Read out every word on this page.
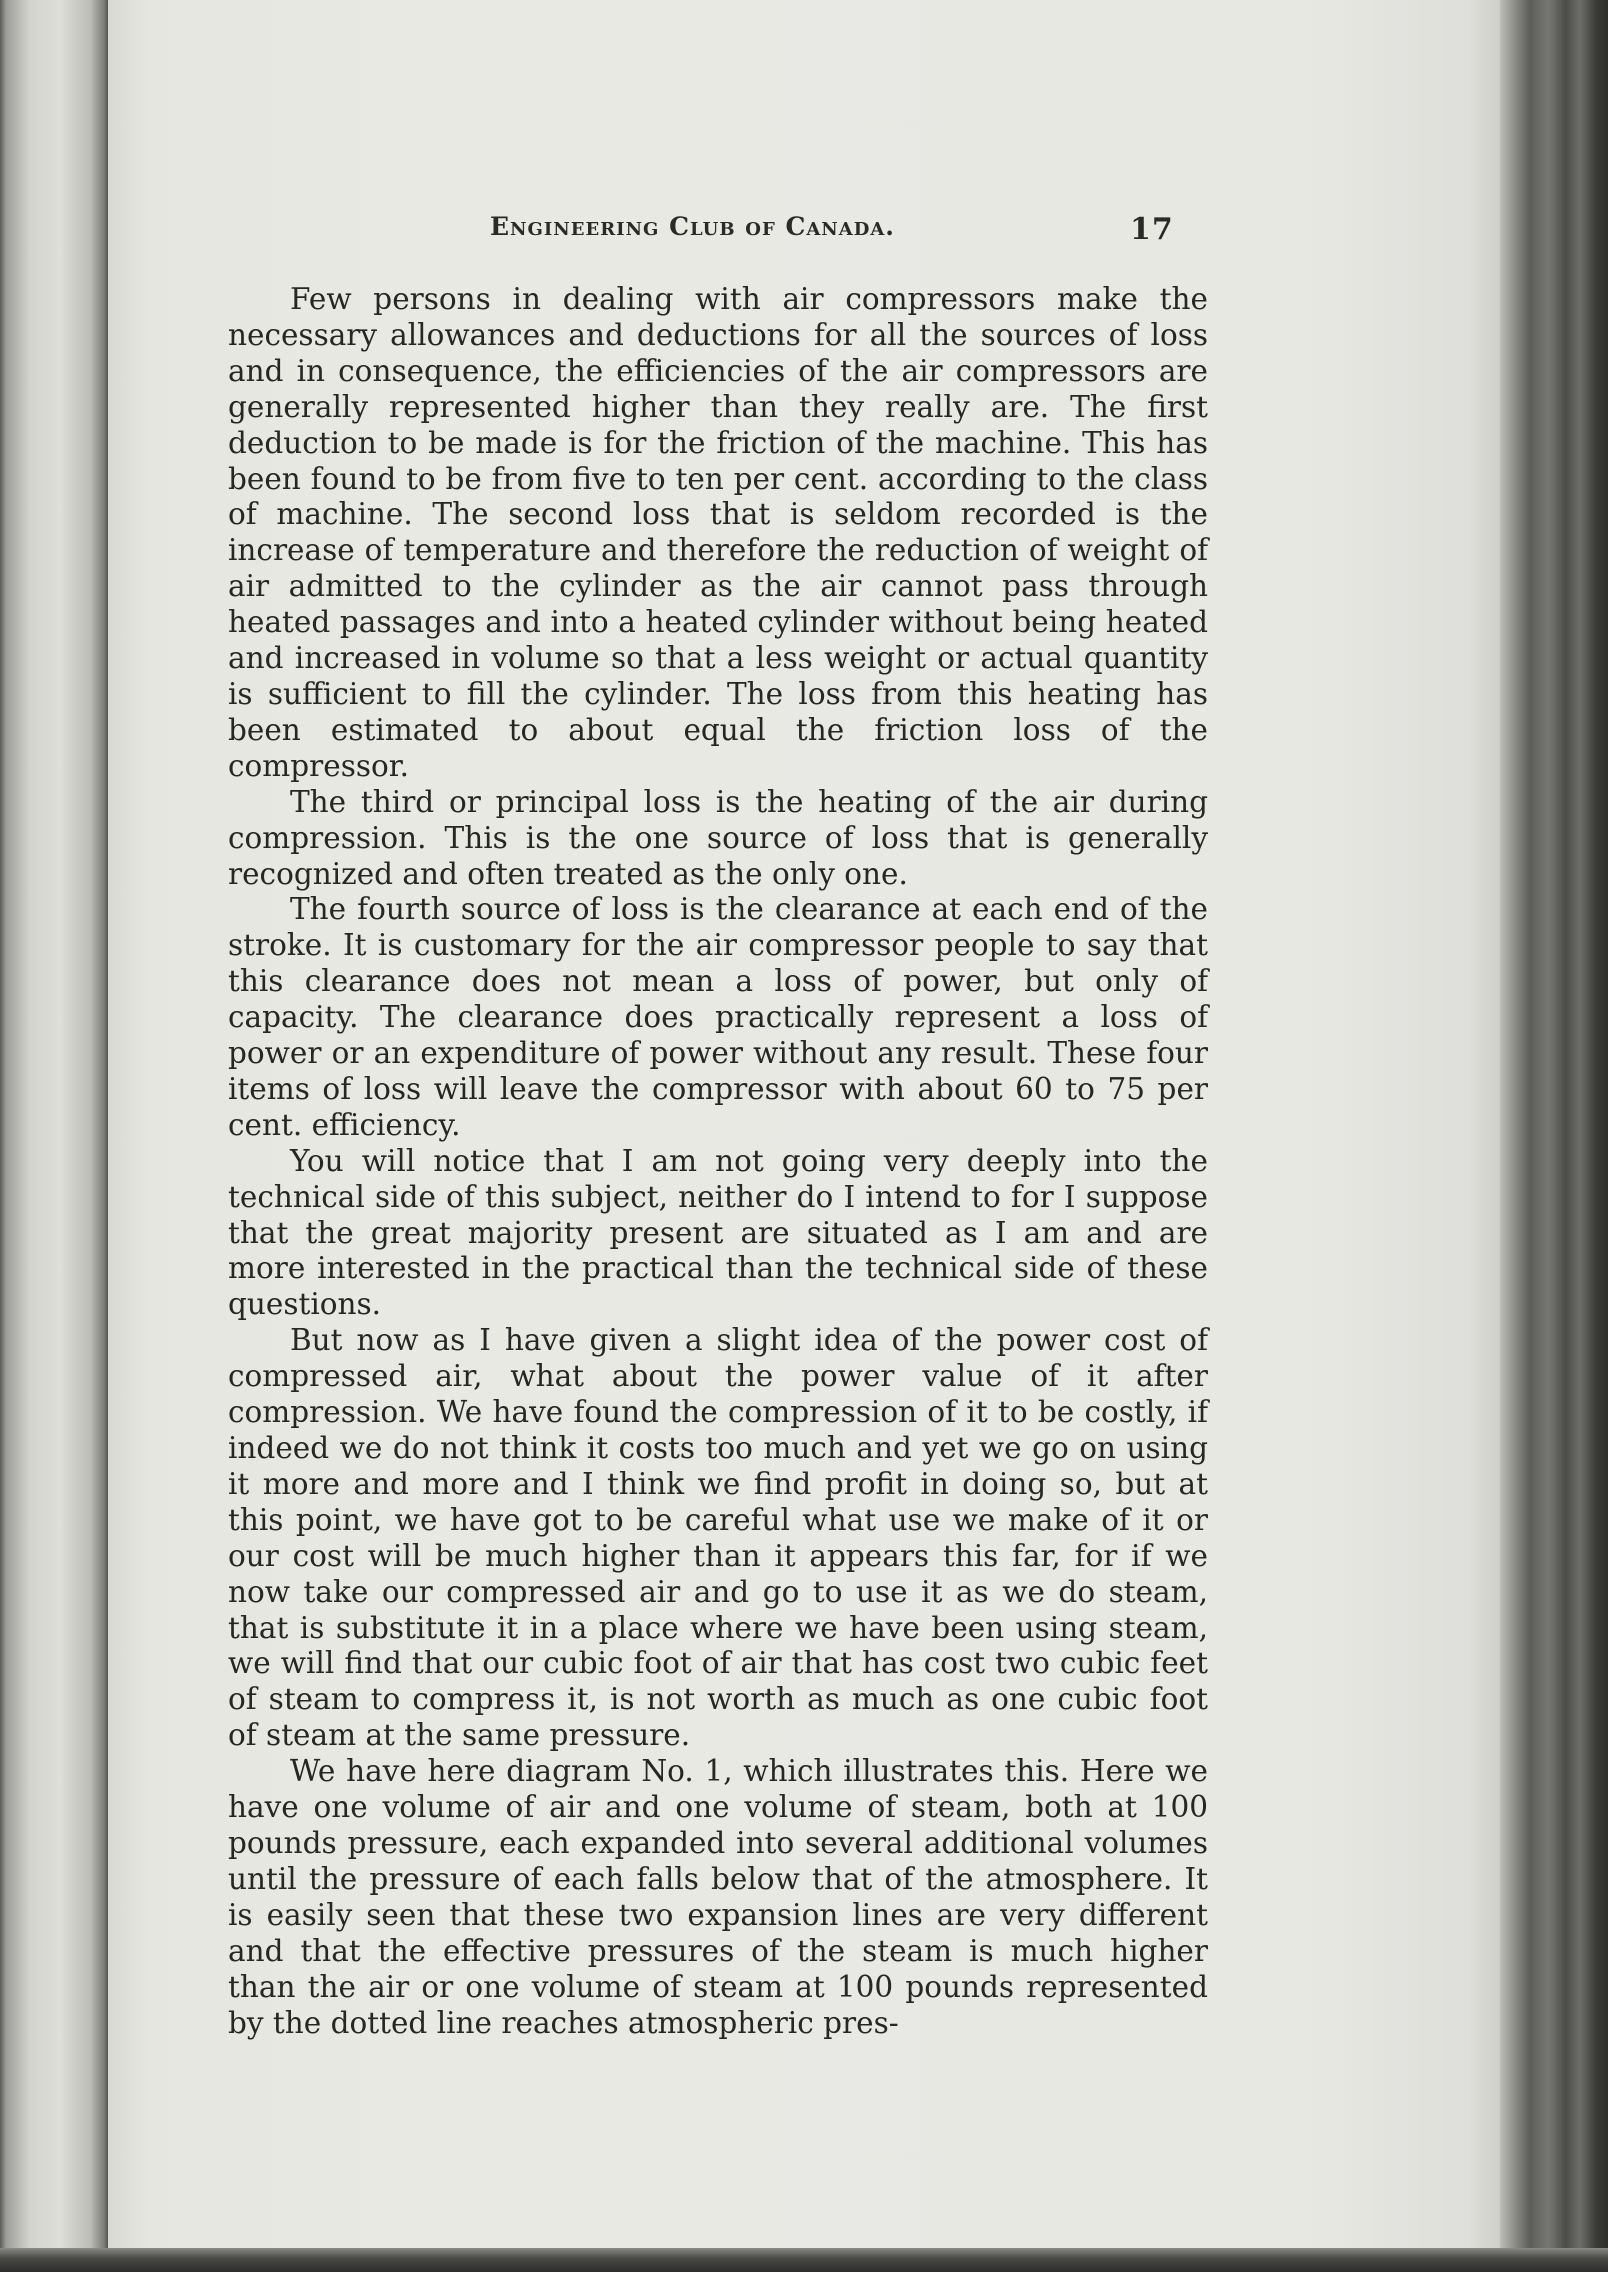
Engineering Club of Canada.	17

Few persons in dealing with air compressors make the necessary allowances and deductions for all the sources of loss and in consequence, the efficiencies of the air compressors are generally represented higher than they really are. The first deduction to be made is for the friction of the machine. This has been found to be from five to ten per cent. according to the class of machine. The second loss that is seldom recorded is the increase of temperature and therefore the reduction of weight of air admitted to the cylinder as the air cannot pass through heated passages and into a heated cylinder without being heated and increased in volume so that a less weight or actual quantity is sufficient to fill the cylinder. The loss from this heating has been estimated to about equal the friction loss of the compressor.

The third or principal loss is the heating of the air during compression. This is the one source of loss that is generally recognized and often treated as the only one.

The fourth source of loss is the clearance at each end of the stroke. It is customary for the air compressor people to say that this clearance does not mean a loss of power, but only of capacity. The clearance does practically represent a loss of power or an expenditure of power without any result. These four items of loss will leave the compressor with about 60 to 75 per cent. efficiency.

You will notice that I am not going very deeply into the technical side of this subject, neither do I intend to for I suppose that the great majority present are situated as I am and are more interested in the practical than the technical side of these questions.

But now as I have given a slight idea of the power cost of compressed air, what about the power value of it after compression. We have found the compression of it to be costly, if indeed we do not think it costs too much and yet we go on using it more and more and I think we find profit in doing so, but at this point, we have got to be careful what use we make of it or our cost will be much higher than it appears this far, for if we now take our compressed air and go to use it as we do steam, that is substitute it in a place where we have been using steam, we will find that our cubic foot of air that has cost two cubic feet of steam to compress it, is not worth as much as one cubic foot of steam at the same pressure.

We have here diagram No. 1, which illustrates this. Here we have one volume of air and one volume of steam, both at 100 pounds pressure, each expanded into several additional volumes until the pressure of each falls below that of the atmosphere. It is easily seen that these two expansion lines are very different and that the effective pressures of the steam is much higher than the air or one volume of steam at 100 pounds represented by the dotted line reaches atmospheric pres-
